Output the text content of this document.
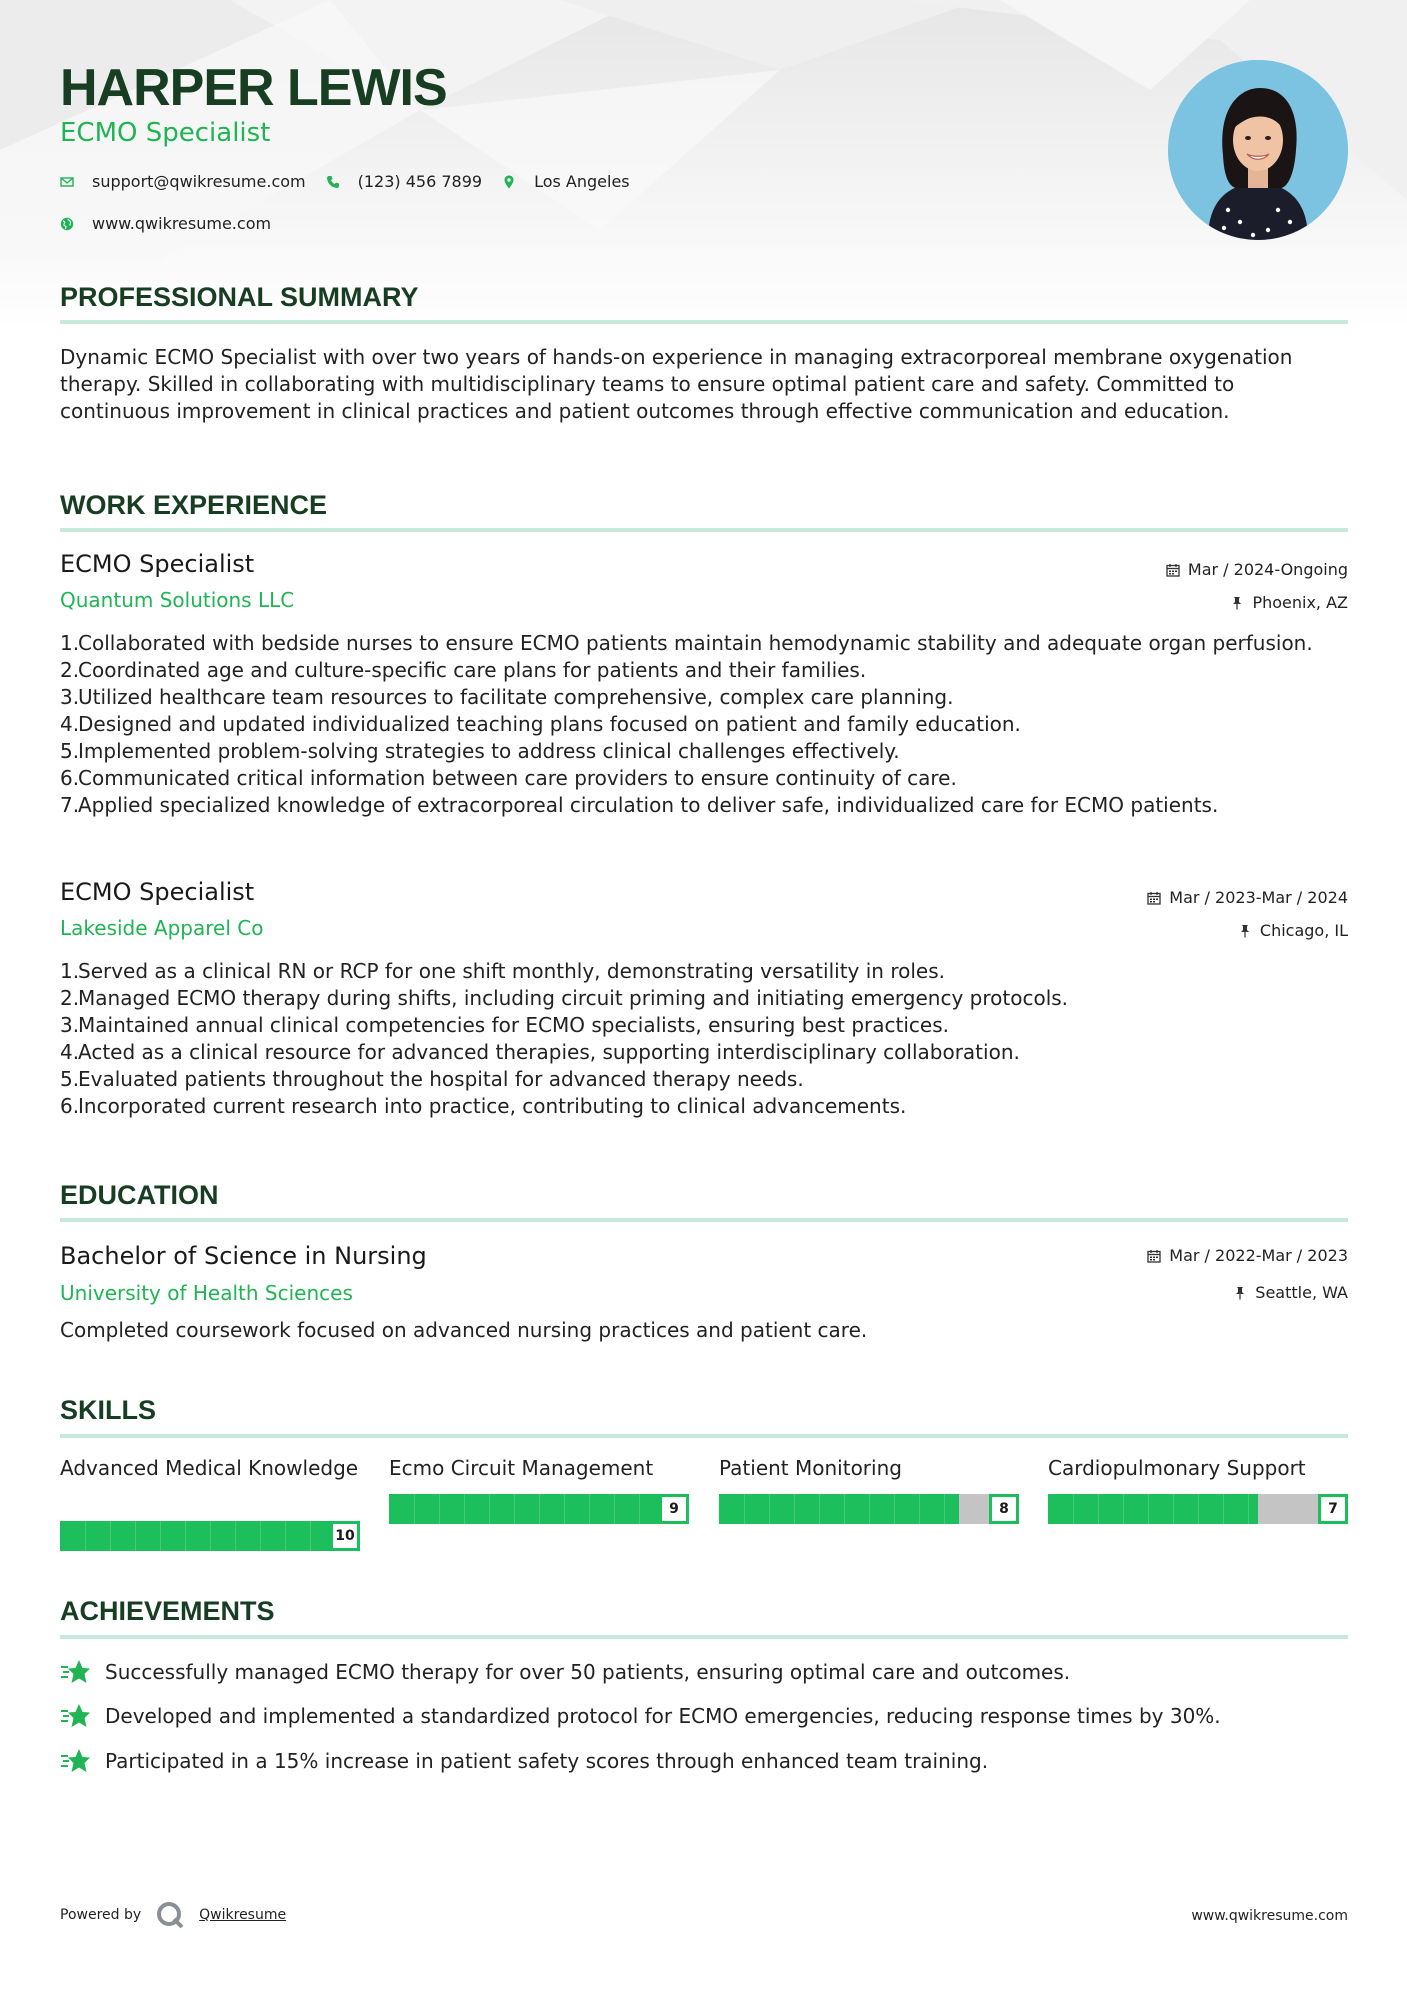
HARPER LEWIS
ECMO Specialist
support@qwikresume.com	(123) 456 7899	Los Angeles
www.qwikresume.com
PROFESSIONAL SUMMARY
Dynamic ECMO Specialist with over two years of hands-on experience in managing extracorporeal membrane oxygenation therapy. Skilled in collaborating with multidisciplinary teams to ensure optimal patient care and safety. Committed to continuous improvement in clinical practices and patient outcomes through effective communication and education.
WORK EXPERIENCE
ECMO Specialist	Mar / 2024-Ongoing
Quantum Solutions LLC	Phoenix, AZ
1.
Collaborated with bedside nurses to ensure ECMO patients maintain hemodynamic stability and adequate organ perfusion.
2.
Coordinated age and culture-specific care plans for patients and their families.
3.
Utilized healthcare team resources to facilitate comprehensive, complex care planning.
4.
Designed and updated individualized teaching plans focused on patient and family education.
5.
Implemented problem-solving strategies to address clinical challenges effectively.
6.
Communicated critical information between care providers to ensure continuity of care.
7.
Applied specialized knowledge of extracorporeal circulation to deliver safe, individualized care for ECMO patients.
ECMO Specialist	Mar / 2023-Mar / 2024
Lakeside Apparel Co	Chicago, IL
1.
Served as a clinical RN or RCP for one shift monthly, demonstrating versatility in roles.
2.
Managed ECMO therapy during shifts, including circuit priming and initiating emergency protocols.
3.
Maintained annual clinical competencies for ECMO specialists, ensuring best practices.
4.
Acted as a clinical resource for advanced therapies, supporting interdisciplinary collaboration.
5.
Evaluated patients throughout the hospital for advanced therapy needs.
6.
Incorporated current research into practice, contributing to clinical advancements.
EDUCATION
Bachelor of Science in Nursing	Mar / 2022-Mar / 2023
University of Health Sciences	Seattle, WA
Completed coursework focused on advanced nursing practices and patient care.
SKILLS
Advanced Medical Knowledge
10
Ecmo Circuit Management
9
Patient Monitoring
8
Cardiopulmonary Support
7
ACHIEVEMENTS
Successfully managed ECMO therapy for over 50 patients, ensuring optimal care and outcomes.
Developed and implemented a standardized protocol for ECMO emergencies, reducing response times by 30%.
Participated in a 15% increase in patient safety scores through enhanced team training.
Powered by	Qwikresume	www.qwikresume.com
